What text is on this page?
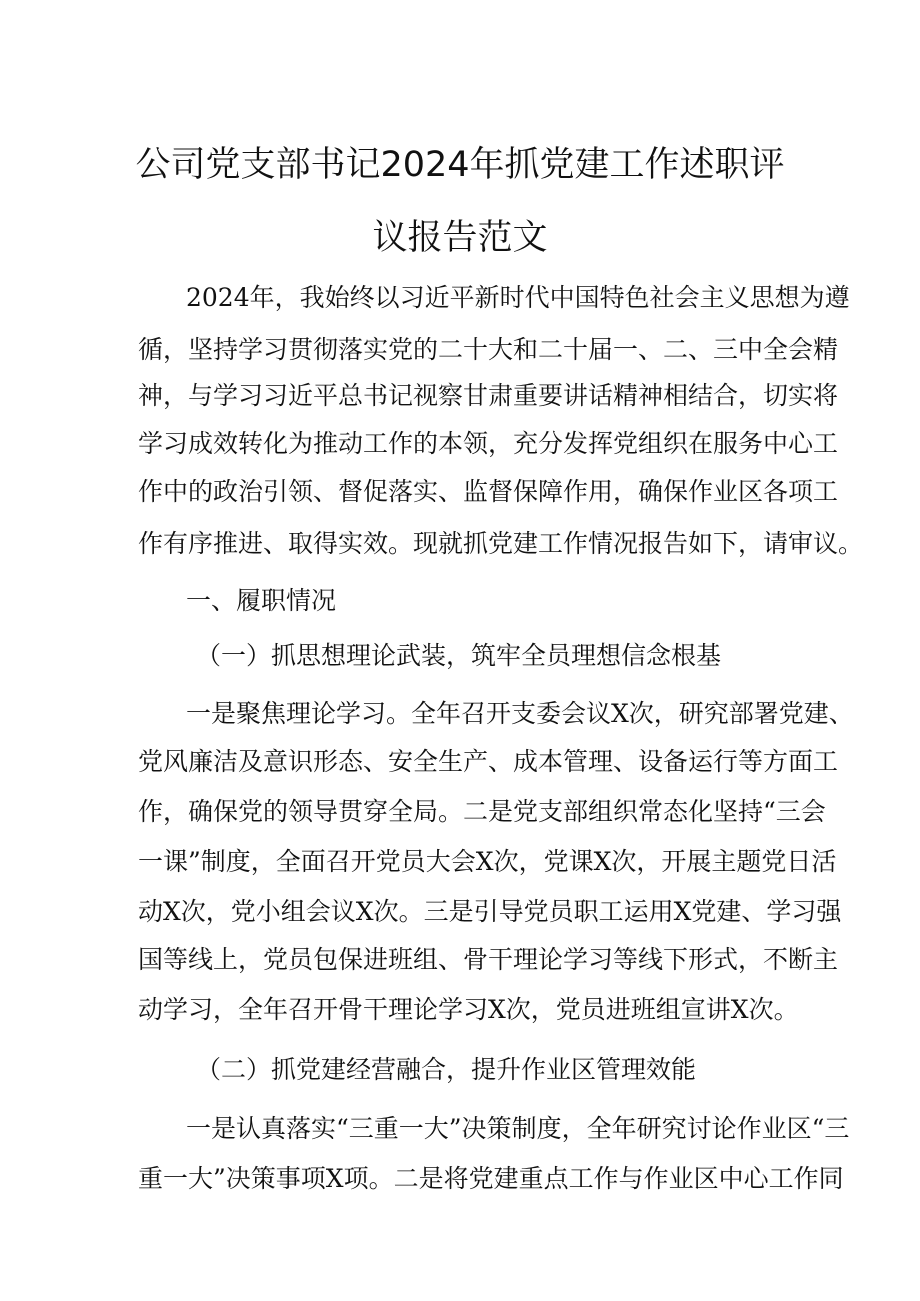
公司党支部书记2024年抓党建工作述职评
议报告范文
2024年，我始终以习近平新时代中国特色社会主义思想为遵
循，坚持学习贯彻落实党的二十大和二十届一、二、三中全会精
神，与学习习近平总书记视察甘肃重要讲话精神相结合，切实将
学习成效转化为推动工作的本领，充分发挥党组织在服务中心工
作中的政治引领、督促落实、监督保障作用，确保作业区各项工
作有序推进、取得实效。现就抓党建工作情况报告如下，请审议。
一、履职情况
（一）抓思想理论武装，筑牢全员理想信念根基
一是聚焦理论学习。全年召开支委会议X次，研究部署党建、
党风廉洁及意识形态、安全生产、成本管理、设备运行等方面工
作，确保党的领导贯穿全局。二是党支部组织常态化坚持“三会
一课”制度，全面召开党员大会X次，党课X次，开展主题党日活
动X次，党小组会议X次。三是引导党员职工运用X党建、学习强
国等线上，党员包保进班组、骨干理论学习等线下形式，不断主
动学习，全年召开骨干理论学习X次，党员进班组宣讲X次。
（二）抓党建经营融合，提升作业区管理效能
一是认真落实“三重一大”决策制度，全年研究讨论作业区“三
重一大”决策事项X项。二是将党建重点工作与作业区中心工作同
